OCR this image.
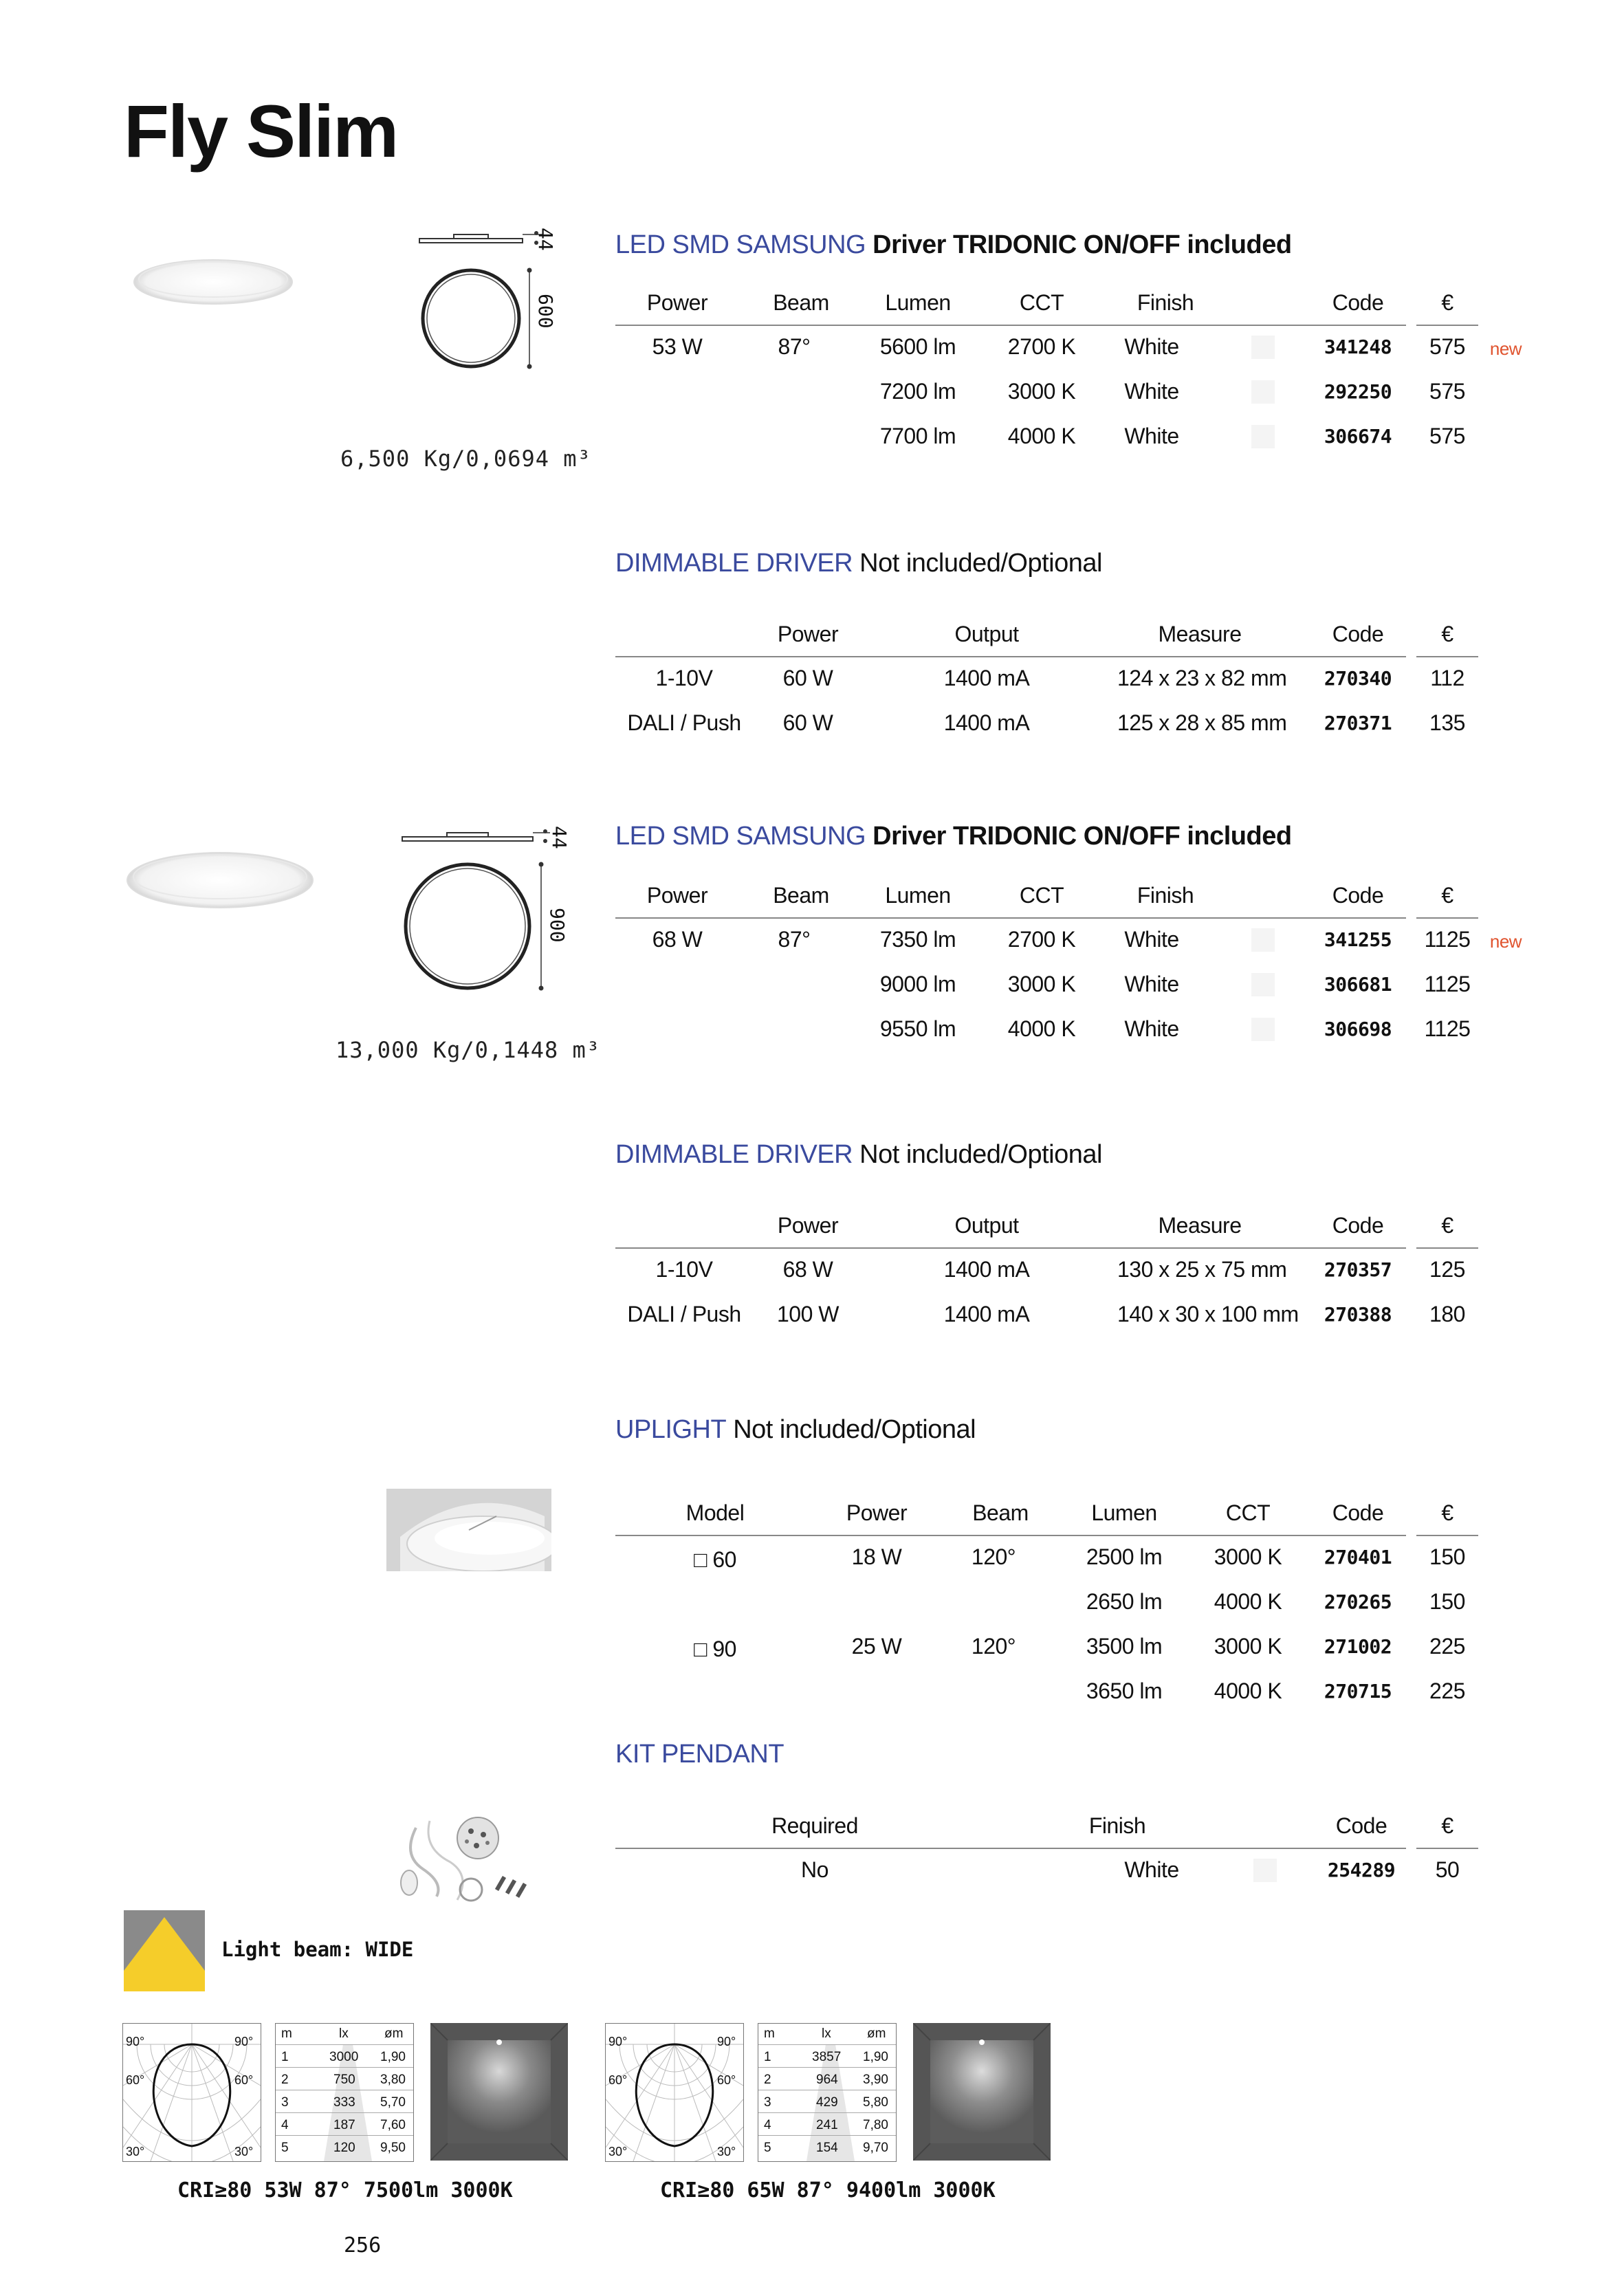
Fly Slim
44
600
6,500 Kg/0,0694 m³
LED SMD SAMSUNG Driver TRIDONIC ON/OFF included
Power	Beam	Lumen	CCT	Finish	Code	€
53 W	87°	5600 lm	2700 K	White	341248	575	new
7200 lm	3000 K	White	292250	575
7700 lm	4000 K	White	306674	575
DIMMABLE DRIVER Not included/Optional
Power	Output	Measure	Code	€
1-10V	60 W	1400 mA	124 x 23 x 82 mm	270340	112
DALI / Push	60 W	1400 mA	125 x 28 x 85 mm	270371	135
44
900
13,000 Kg/0,1448 m³
LED SMD SAMSUNG Driver TRIDONIC ON/OFF included
Power	Beam	Lumen	CCT	Finish	Code	€
68 W	87°	7350 lm	2700 K	White	341255	1125 new
9000 lm	3000 K	White	306681	1125
9550 lm	4000 K	White	306698	1125
DIMMABLE DRIVER Not included/Optional
Power	Output	Measure	Code	€
1-10V	68 W	1400 mA	130 x 25 x 75 mm	270357	125
DALI / Push	100 W	1400 mA	140 x 30 x 100 mm	270388	180
UPLIGHT Not included/Optional
Model	Power	Beam	Lumen	CCT	Code	€
□ 60	18 W	120°	2500 lm	3000 K	270401	150
2650 lm	4000 K	270265	150
□ 90	25 W	120°	3500 lm	3000 K	271002	225
3650 lm	4000 K	270715	225
KIT PENDANT
Required	Finish	Code	€
No	White	254289	50
Light beam: WIDE
90°	90°
60°	60°
30°	30°
m	lx	øm
1	3000 1,90
2	750 3,80
3	333 5,70
4	187 7,60
5	120 9,50
CRI≥80 53W 87° 7500lm 3000K
90°	90°
60°	60°
30°	30°
m	lx	øm
1	3857 1,90
2	964 3,90
3	429 5,80
4	241 7,80
5	154 9,70
CRI≥80 65W 87° 9400lm 3000K
256
